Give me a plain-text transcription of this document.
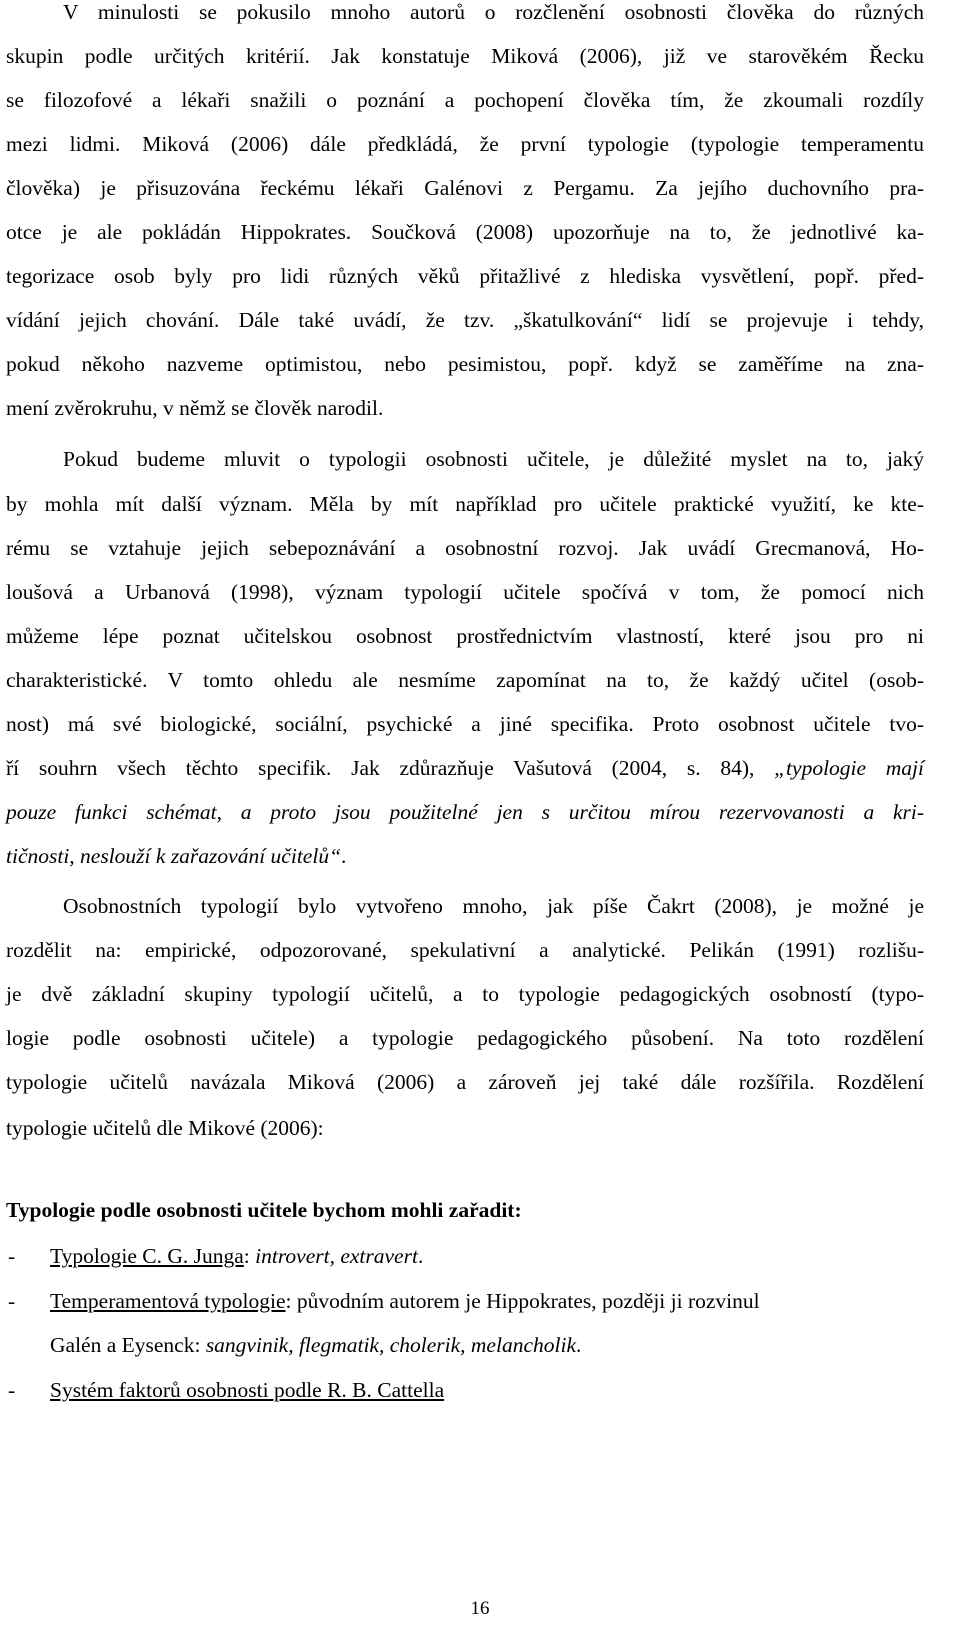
V minulosti se pokusilo mnoho autorů o rozčlenění osobnosti člověka do různých
skupin podle určitých kritérií. Jak konstatuje Miková (2006), již ve starověkém Řecku
se filozofové a lékaři snažili o poznání a pochopení člověka tím, že zkoumali rozdíly
mezi lidmi. Miková (2006) dále předkládá, že první typologie (typologie temperamentu
člověka) je přisuzována řeckému lékaři Galénovi z Pergamu. Za jejího duchovního pra-
otce je ale pokládán Hippokrates. Součková (2008) upozorňuje na to, že jednotlivé ka-
tegorizace osob byly pro lidi různých věků přitažlivé z hlediska vysvětlení, popř. před-
vídání jejich chování. Dále také uvádí, že tzv. „škatulkování“ lidí se projevuje i tehdy,
pokud někoho nazveme optimistou, nebo pesimistou, popř. když se zaměříme na zna-
mení zvěrokruhu, v němž se člověk narodil.
Pokud budeme mluvit o typologii osobnosti učitele, je důležité myslet na to, jaký
by mohla mít další význam. Měla by mít například pro učitele praktické využití, ke kte-
rému se vztahuje jejich sebepoznávání a osobnostní rozvoj. Jak uvádí Grecmanová, Ho-
loušová a Urbanová (1998), význam typologií učitele spočívá v tom, že pomocí nich
můžeme lépe poznat učitelskou osobnost prostřednictvím vlastností, které jsou pro ni
charakteristické. V tomto ohledu ale nesmíme zapomínat na to, že každý učitel (osob-
nost) má své biologické, sociální, psychické a jiné specifika. Proto osobnost učitele tvo-
ří souhrn všech těchto specifik. Jak zdůrazňuje Vašutová (2004, s. 84), „typologie mají
pouze funkci schémat, a proto jsou použitelné jen s určitou mírou rezervovanosti a kri-
tičnosti, neslouží k zařazování učitelů“.
Osobnostních typologií bylo vytvořeno mnoho, jak píše Čakrt (2008), je možné je
rozdělit na: empirické, odpozorované, spekulativní a analytické. Pelikán (1991) rozlišu-
je dvě základní skupiny typologií učitelů, a to typologie pedagogických osobností (typo-
logie podle osobnosti učitele) a typologie pedagogického působení. Na toto rozdělení
typologie učitelů navázala Miková (2006) a zároveň jej také dále rozšířila. Rozdělení
typologie učitelů dle Mikové (2006):
Typologie podle osobnosti učitele bychom mohli zařadit:
- Typologie C. G. Junga: introvert, extravert.
- Temperamentová typologie: původním autorem je Hippokrates, později ji rozvinul
Galén a Eysenck: sangvinik, flegmatik, cholerik, melancholik.
- Systém faktorů osobnosti podle R. B. Cattella
16
